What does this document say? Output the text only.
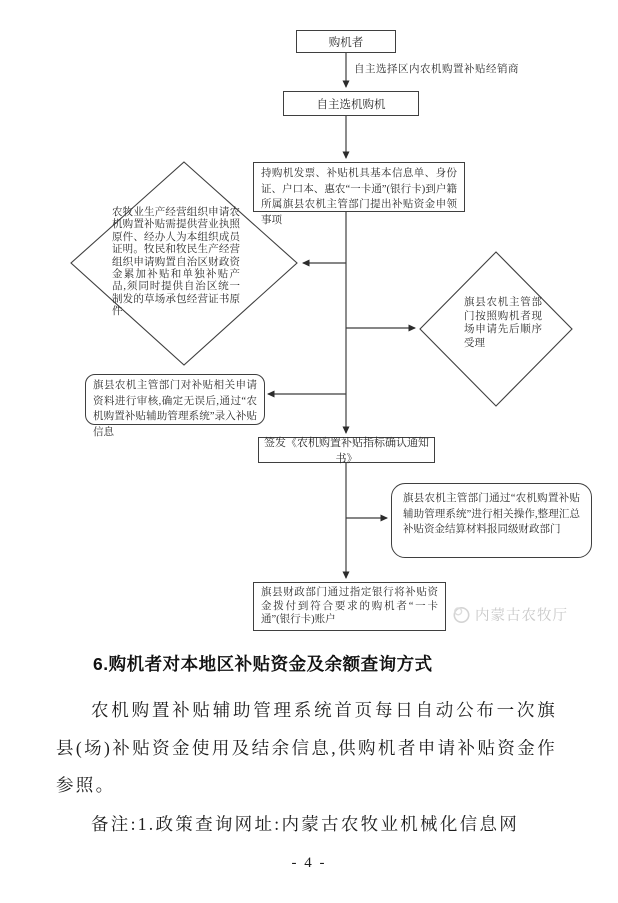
购机者
自主选择区内农机购置补贴经销商
自主选机购机
持购机发票、补贴机具基本信息单、身份证、户口本、惠农“一卡通”(银行卡)到户籍所属旗县农机主管部门提出补贴资金申领事项
农牧业生产经营组织申请农机购置补贴需提供营业执照原件、经办人为本组织成员证明。牧民和牧民生产经营组织申请购置自治区财政资金累加补贴和单独补贴产品,须同时提供自治区统一制发的草场承包经营证书原件
旗县农机主管部门按照购机者现场申请先后顺序受理
旗县农机主管部门对补贴相关申请资料进行审核,确定无误后,通过“农机购置补贴辅助管理系统”录入补贴信息
签发《农机购置补贴指标确认通知书》
旗县农机主管部门通过“农机购置补贴辅助管理系统”进行相关操作,整理汇总补贴资金结算材料报同级财政部门
旗县财政部门通过指定银行将补贴资金拨付到符合要求的购机者“一卡通”(银行卡)账户	内蒙古农牧厅
6.购机者对本地区补贴资金及余额查询方式

农机购置补贴辅助管理系统首页每日自动公布一次旗县(场)补贴资金使用及结余信息,供购机者申请补贴资金作参照。

备注:1.政策查询网址:内蒙古农牧业机械化信息网

- 4 -
